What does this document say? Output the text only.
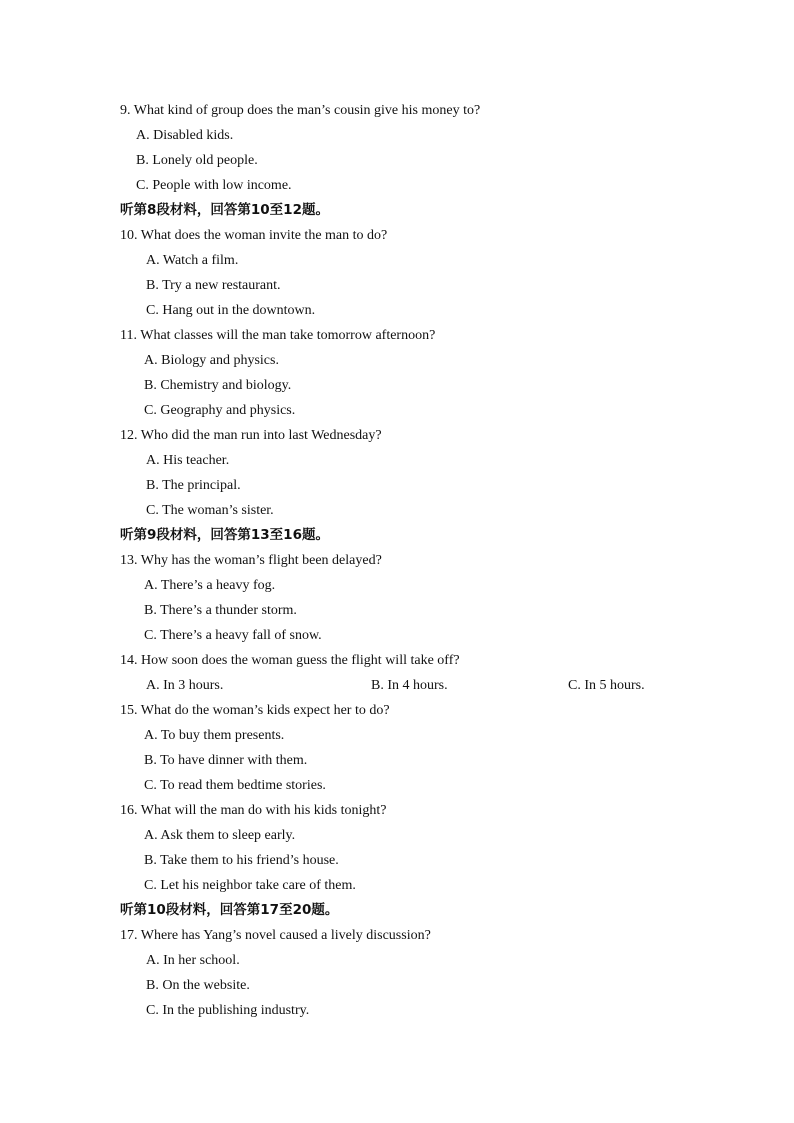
9. What kind of group does the man’s cousin give his money to?
A. Disabled kids.
B. Lonely old people.
C. People with low income.
听第8段材料，回答第10至12题。
10. What does the woman invite the man to do?
A. Watch a film.
B. Try a new restaurant.
C. Hang out in the downtown.
11. What classes will the man take tomorrow afternoon?
A. Biology and physics.
B. Chemistry and biology.
C. Geography and physics.
12. Who did the man run into last Wednesday?
A. His teacher.
B. The principal.
C. The woman’s sister.
听第9段材料，回答第13至16题。
13. Why has the woman’s flight been delayed?
A. There’s a heavy fog.
B. There’s a thunder storm.
C. There’s a heavy fall of snow.
14. How soon does the woman guess the flight will take off?
A. In 3 hours.	B. In 4 hours.	C. In 5 hours.
15. What do the woman’s kids expect her to do?
A. To buy them presents.
B. To have dinner with them.
C. To read them bedtime stories.
16. What will the man do with his kids tonight?
A. Ask them to sleep early.
B. Take them to his friend’s house.
C. Let his neighbor take care of them.
听第10段材料，回答第17至20题。
17. Where has Yang’s novel caused a lively discussion?
A. In her school.
B. On the website.
C. In the publishing industry.
